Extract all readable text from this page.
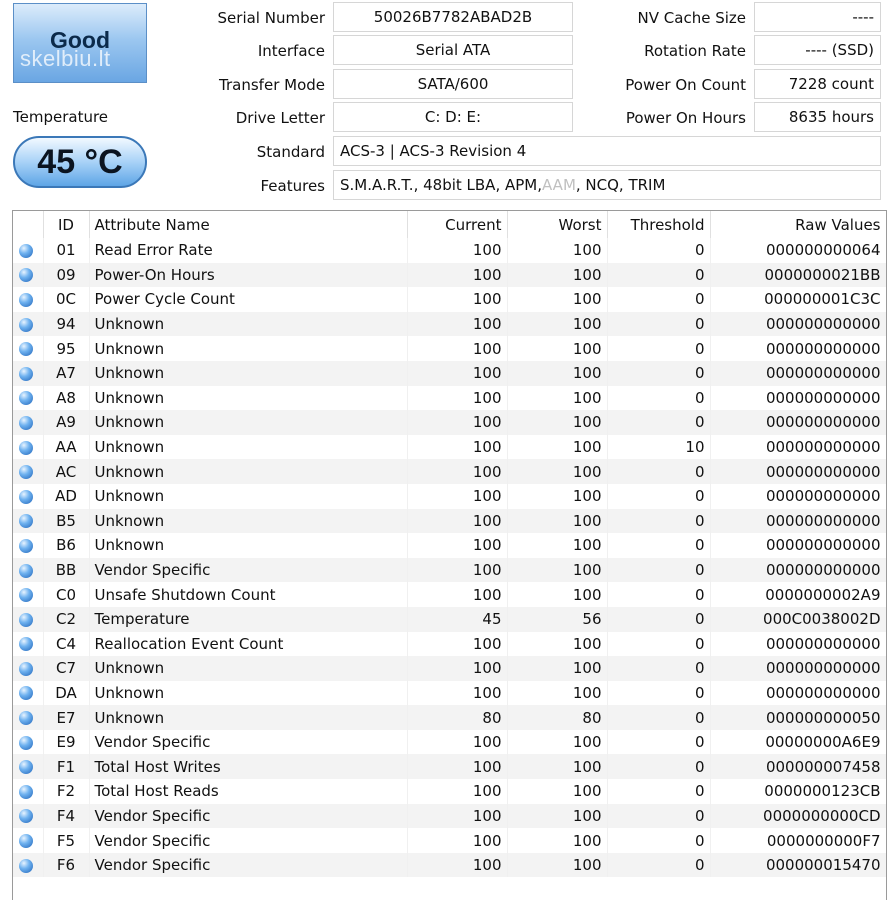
Good
skelbiu.lt
Temperature
45 °C
Serial Number	50026B7782ABAD2B
Interface	Serial ATA
Transfer Mode	SATA/600
Drive Letter	C: D: E:
NV Cache Size	----
Rotation Rate	---- (SSD)
Power On Count	7228 count
Power On Hours	8635 hours
Standard	ACS-3 | ACS-3 Revision 4
Features S.M.A.R.T., 48bit LBA, APM, AAM , NCQ, TRIM
	ID	Attribute Name	Current	Worst	Threshold	Raw Values
	01	Read Error Rate	100	100	0	000000000064
	09	Power-On Hours	100	100	0	0000000021BB
	0C	Power Cycle Count	100	100	0	000000001C3C
	94	Unknown	100	100	0	000000000000
	95	Unknown	100	100	0	000000000000
	A7	Unknown	100	100	0	000000000000
	A8	Unknown	100	100	0	000000000000
	A9	Unknown	100	100	0	000000000000
	AA	Unknown	100	100	10	000000000000
	AC	Unknown	100	100	0	000000000000
	AD	Unknown	100	100	0	000000000000
	B5	Unknown	100	100	0	000000000000
	B6	Unknown	100	100	0	000000000000
	BB	Vendor Specific	100	100	0	000000000000
	C0	Unsafe Shutdown Count	100	100	0	0000000002A9
	C2	Temperature	45	56	0	000C0038002D
	C4	Reallocation Event Count	100	100	0	000000000000
	C7	Unknown	100	100	0	000000000000
	DA	Unknown	100	100	0	000000000000
	E7	Unknown	80	80	0	000000000050
	E9	Vendor Specific	100	100	0	00000000A6E9
	F1	Total Host Writes	100	100	0	000000007458
	F2	Total Host Reads	100	100	0	0000000123CB
	F4	Vendor Specific	100	100	0	0000000000CD
	F5	Vendor Specific	100	100	0	0000000000F7
	F6	Vendor Specific	100	100	0	000000015470
